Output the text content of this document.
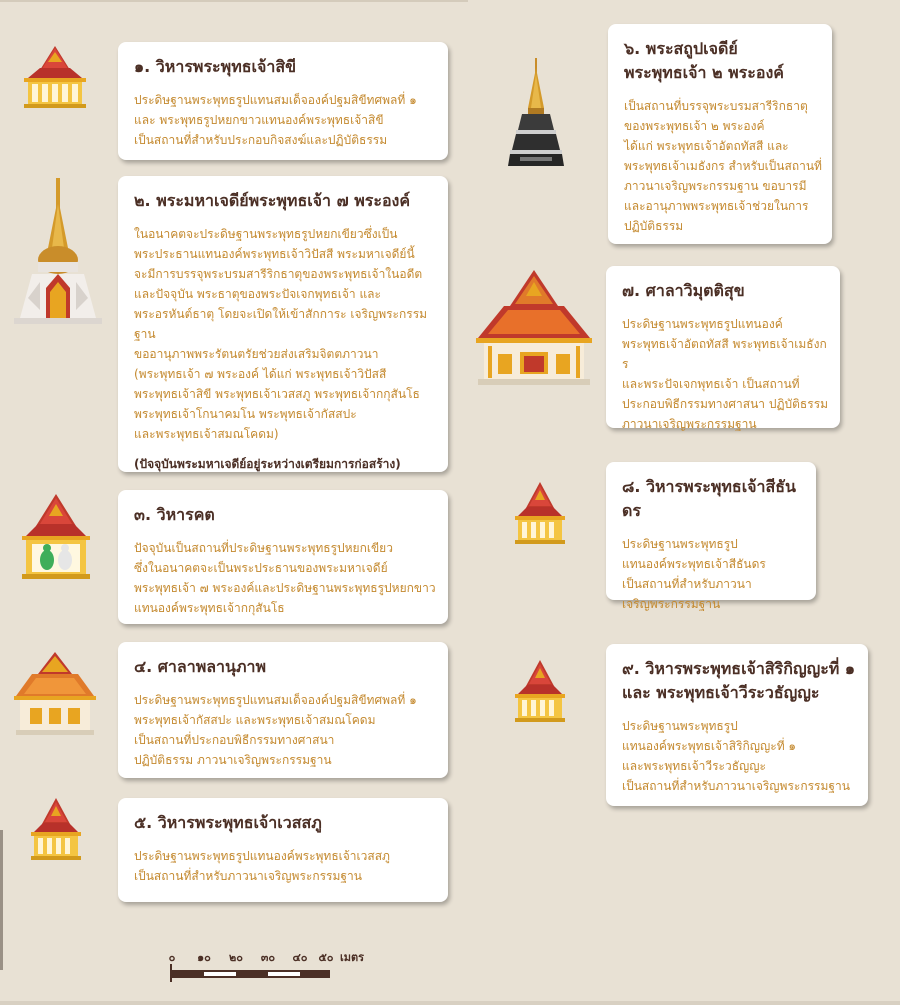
๑. วิหารพระพุทธเจ้าสิขี

ประดิษฐานพระพุทธรูปแทนสมเด็จองค์ปฐมสิขีทศพลที่ ๑
และ พระพุทธรูปหยกขาวแทนองค์พระพุทธเจ้าสิขี
เป็นสถานที่สำหรับประกอบกิจสงฆ์และปฏิบัติธรรม

๒. พระมหาเจดีย์พระพุทธเจ้า ๗ พระองค์

ในอนาคตจะประดิษฐานพระพุทธรูปหยกเขียวซึ่งเป็น
พระประธานแทนองค์พระพุทธเจ้าวิปัสสี พระมหาเจดีย์นี้
จะมีการบรรจุพระบรมสารีริกธาตุของพระพุทธเจ้าในอดีต
และปัจจุบัน พระธาตุของพระปัจเจกพุทธเจ้า และ
พระอรหันต์ธาตุ โดยจะเปิดให้เข้าสักการะ เจริญพระกรรมฐาน
ขออานุภาพพระรัตนตรัยช่วยส่งเสริมจิตตภาวนา
(พระพุทธเจ้า ๗ พระองค์ ได้แก่ พระพุทธเจ้าวิปัสสี
พระพุทธเจ้าสิขี พระพุทธเจ้าเวสสภู พระพุทธเจ้ากกุสันโธ
พระพุทธเจ้าโกนาคมโน พระพุทธเจ้ากัสสปะ
และพระพุทธเจ้าสมณโคดม)

(ปัจจุบันพระมหาเจดีย์อยู่ระหว่างเตรียมการก่อสร้าง)

๓. วิหารคต

ปัจจุบันเป็นสถานที่ประดิษฐานพระพุทธรูปหยกเขียว
ซึ่งในอนาคตจะเป็นพระประธานของพระมหาเจดีย์
พระพุทธเจ้า ๗ พระองค์และประดิษฐานพระพุทธรูปหยกขาว
แทนองค์พระพุทธเจ้ากกุสันโธ

๔. ศาลาพลานุภาพ

ประดิษฐานพระพุทธรูปแทนสมเด็จองค์ปฐมสิขีทศพลที่ ๑
พระพุทธเจ้ากัสสปะ และพระพุทธเจ้าสมณโคดม
เป็นสถานที่ประกอบพิธีกรรมทางศาสนา
ปฏิบัติธรรม ภาวนาเจริญพระกรรมฐาน

๕. วิหารพระพุทธเจ้าเวสสภู

ประดิษฐานพระพุทธรูปแทนองค์พระพุทธเจ้าเวสสภู
เป็นสถานที่สำหรับภาวนาเจริญพระกรรมฐาน

๖. พระสถูปเจดีย์
พระพุทธเจ้า ๒ พระองค์

เป็นสถานที่บรรจุพระบรมสารีริกธาตุ
ของพระพุทธเจ้า ๒ พระองค์
ได้แก่ พระพุทธเจ้าอัตถทัสสี และ
พระพุทธเจ้าเมธังกร สำหรับเป็นสถานที่
ภาวนาเจริญพระกรรมฐาน ขอบารมี
และอานุภาพพระพุทธเจ้าช่วยในการ
ปฏิบัติธรรม

๗. ศาลาวิมุตติสุข

ประดิษฐานพระพุทธรูปแทนองค์
พระพุทธเจ้าอัตถทัสสี พระพุทธเจ้าเมธังกร
และพระปัจเจกพุทธเจ้า เป็นสถานที่
ประกอบพิธีกรรมทางศาสนา ปฏิบัติธรรม
ภาวนาเจริญพระกรรมฐาน

๘. วิหารพระพุทธเจ้าสีธันดร

ประดิษฐานพระพุทธรูป
แทนองค์พระพุทธเจ้าสีธันดร
เป็นสถานที่สำหรับภาวนา
เจริญพระกรรมฐาน

๙. วิหารพระพุทธเจ้าสิริกิญญะที่ ๑
และ พระพุทธเจ้าวีระวธัญญะ

ประดิษฐานพระพุทธรูป
แทนองค์พระพุทธเจ้าสิริกิญญะที่ ๑
และพระพุทธเจ้าวีระวธัญญะ
เป็นสถานที่สำหรับภาวนาเจริญพระกรรมฐาน

๐ ๑๐ ๒๐ ๓๐ ๔๐ ๕๐ เมตร
